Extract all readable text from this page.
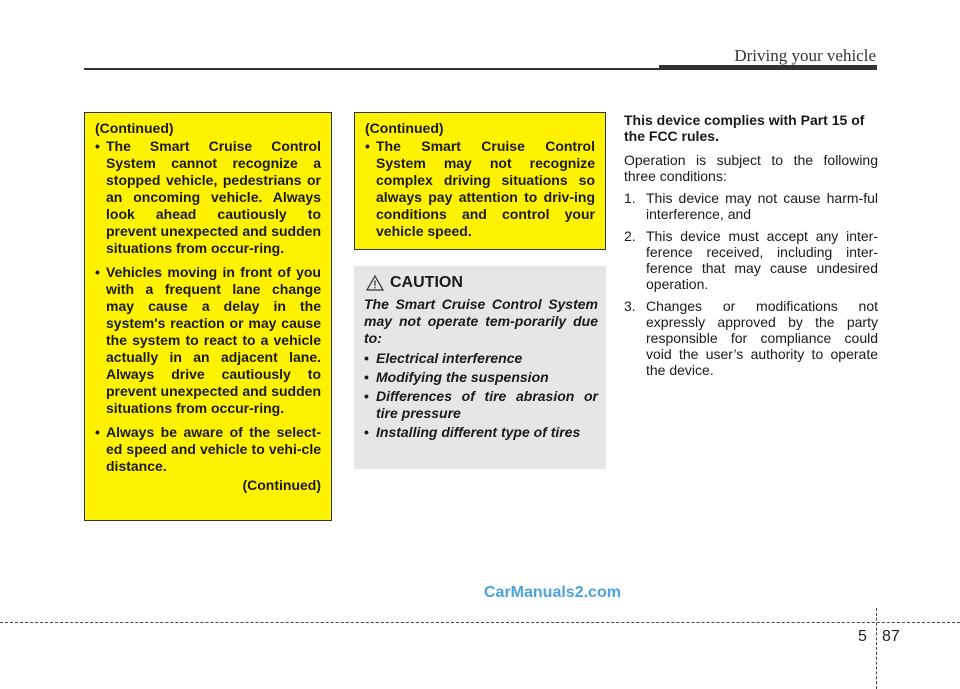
Driving your vehicle
(Continued)
• The Smart Cruise Control System cannot recognize a stopped vehicle, pedestrians or an oncoming vehicle. Always look ahead cautiously to prevent unexpected and sudden situations from occur-ring.
• Vehicles moving in front of you with a frequent lane change may cause a delay in the system's reaction or may cause the system to react to a vehicle actually in an adjacent lane. Always drive cautiously to prevent unexpected and sudden situations from occur-ring.
• Always be aware of the select-ed speed and vehicle to vehi-cle distance.
(Continued)
(Continued)
• The Smart Cruise Control System may not recognize complex driving situations so always pay attention to driv-ing conditions and control your vehicle speed.
CAUTION
The Smart Cruise Control System may not operate tem-porarily due to:
• Electrical interference
• Modifying the suspension
• Differences of tire abrasion or tire pressure
• Installing different type of tires

This device complies with Part 15 of the FCC rules.

Operation is subject to the following three conditions:

1. This device may not cause harm-ful interference, and
2. This device must accept any inter-ference received, including inter-ference that may cause undesired operation.
3. Changes or modifications not expressly approved by the party responsible for compliance could void the user’s authority to operate the device.
CarManuals2.com
5 87
